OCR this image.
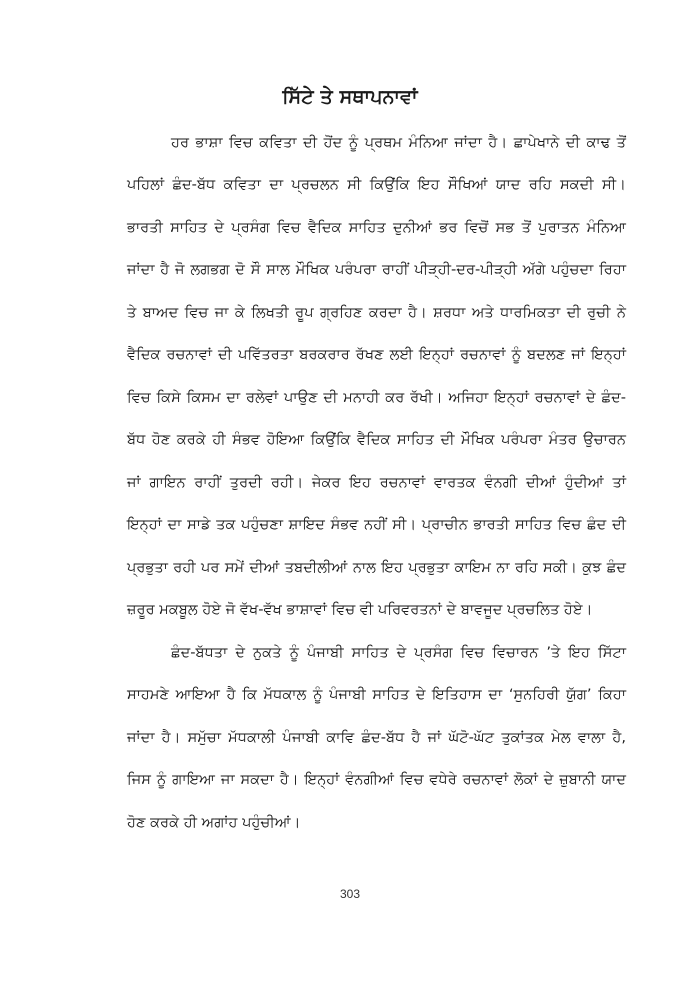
ਸਿੱਟੇ ਤੇ ਸਥਾਪਨਾਵਾਂ
ਹਰ ਭਾਸ਼ਾ ਵਿਚ ਕਵਿਤਾ ਦੀ ਹੋਂਦ ਨੂੰ ਪ੍ਰਥਮ ਮੰਨਿਆ ਜਾਂਦਾ ਹੈ। ਛਾਪੇਖਾਨੇ ਦੀ ਕਾਢ ਤੋਂ
ਪਹਿਲਾਂ ਛੰਦ-ਬੱਧ ਕਵਿਤਾ ਦਾ ਪ੍ਰਚਲਨ ਸੀ ਕਿਉਂਕਿ ਇਹ ਸੌਖਿਆਂ ਯਾਦ ਰਹਿ ਸਕਦੀ ਸੀ।
ਭਾਰਤੀ ਸਾਹਿਤ ਦੇ ਪ੍ਰਸੰਗ ਵਿਚ ਵੈਦਿਕ ਸਾਹਿਤ ਦੁਨੀਆਂ ਭਰ ਵਿਚੋਂ ਸਭ ਤੋਂ ਪੁਰਾਤਨ ਮੰਨਿਆ
ਜਾਂਦਾ ਹੈ ਜੋ ਲਗਭਗ ਦੋ ਸੌ ਸਾਲ ਮੌਖਿਕ ਪਰੰਪਰਾ ਰਾਹੀਂ ਪੀੜ੍ਹੀ-ਦਰ-ਪੀੜ੍ਹੀ ਅੱਗੇ ਪਹੁੰਚਦਾ ਰਿਹਾ
ਤੇ ਬਾਅਦ ਵਿਚ ਜਾ ਕੇ ਲਿਖਤੀ ਰੂਪ ਗ੍ਰਹਿਣ ਕਰਦਾ ਹੈ। ਸ਼ਰਧਾ ਅਤੇ ਧਾਰਮਿਕਤਾ ਦੀ ਰੁਚੀ ਨੇ
ਵੈਦਿਕ ਰਚਨਾਵਾਂ ਦੀ ਪਵਿੱਤਰਤਾ ਬਰਕਰਾਰ ਰੱਖਣ ਲਈ ਇਨ੍ਹਾਂ ਰਚਨਾਵਾਂ ਨੂੰ ਬਦਲਣ ਜਾਂ ਇਨ੍ਹਾਂ
ਵਿਚ ਕਿਸੇ ਕਿਸਮ ਦਾ ਰਲੇਵਾਂ ਪਾਉਣ ਦੀ ਮਨਾਹੀ ਕਰ ਰੱਖੀ। ਅਜਿਹਾ ਇਨ੍ਹਾਂ ਰਚਨਾਵਾਂ ਦੇ ਛੰਦ-
ਬੱਧ ਹੋਣ ਕਰਕੇ ਹੀ ਸੰਭਵ ਹੋਇਆ ਕਿਉਂਕਿ ਵੈਦਿਕ ਸਾਹਿਤ ਦੀ ਮੌਖਿਕ ਪਰੰਪਰਾ ਮੰਤਰ ਉਚਾਰਨ
ਜਾਂ ਗਾਇਨ ਰਾਹੀਂ ਤੁਰਦੀ ਰਹੀ। ਜੇਕਰ ਇਹ ਰਚਨਾਵਾਂ ਵਾਰਤਕ ਵੰਨਗੀ ਦੀਆਂ ਹੁੰਦੀਆਂ ਤਾਂ
ਇਨ੍ਹਾਂ ਦਾ ਸਾਡੇ ਤਕ ਪਹੁੰਚਣਾ ਸ਼ਾਇਦ ਸੰਭਵ ਨਹੀਂ ਸੀ। ਪ੍ਰਾਚੀਨ ਭਾਰਤੀ ਸਾਹਿਤ ਵਿਚ ਛੰਦ ਦੀ
ਪ੍ਰਭੁਤਾ ਰਹੀ ਪਰ ਸਮੇਂ ਦੀਆਂ ਤਬਦੀਲੀਆਂ ਨਾਲ ਇਹ ਪ੍ਰਭੁਤਾ ਕਾਇਮ ਨਾ ਰਹਿ ਸਕੀ। ਕੁਝ ਛੰਦ
ਜ਼ਰੂਰ ਮਕਬੂਲ ਹੋਏ ਜੋ ਵੱਖ-ਵੱਖ ਭਾਸ਼ਾਵਾਂ ਵਿਚ ਵੀ ਪਰਿਵਰਤਨਾਂ ਦੇ ਬਾਵਜੂਦ ਪ੍ਰਚਲਿਤ ਹੋਏ।
ਛੰਦ-ਬੱਧਤਾ ਦੇ ਨੁਕਤੇ ਨੂੰ ਪੰਜਾਬੀ ਸਾਹਿਤ ਦੇ ਪ੍ਰਸੰਗ ਵਿਚ ਵਿਚਾਰਨ ’ਤੇ ਇਹ ਸਿੱਟਾ
ਸਾਹਮਣੇ ਆਇਆ ਹੈ ਕਿ ਮੱਧਕਾਲ ਨੂੰ ਪੰਜਾਬੀ ਸਾਹਿਤ ਦੇ ਇਤਿਹਾਸ ਦਾ ‘ਸੁਨਹਿਰੀ ਯੁੱਗ’ ਕਿਹਾ
ਜਾਂਦਾ ਹੈ। ਸਮੁੱਚਾ ਮੱਧਕਾਲੀ ਪੰਜਾਬੀ ਕਾਵਿ ਛੰਦ-ਬੱਧ ਹੈ ਜਾਂ ਘੱਟੋ-ਘੱਟ ਤੁਕਾਂਤਕ ਮੇਲ ਵਾਲਾ ਹੈ,
ਜਿਸ ਨੂੰ ਗਾਇਆ ਜਾ ਸਕਦਾ ਹੈ। ਇਨ੍ਹਾਂ ਵੰਨਗੀਆਂ ਵਿਚ ਵਧੇਰੇ ਰਚਨਾਵਾਂ ਲੋਕਾਂ ਦੇ ਜ਼ੁਬਾਨੀ ਯਾਦ
ਹੋਣ ਕਰਕੇ ਹੀ ਅਗਾਂਹ ਪਹੁੰਚੀਆਂ।
303
